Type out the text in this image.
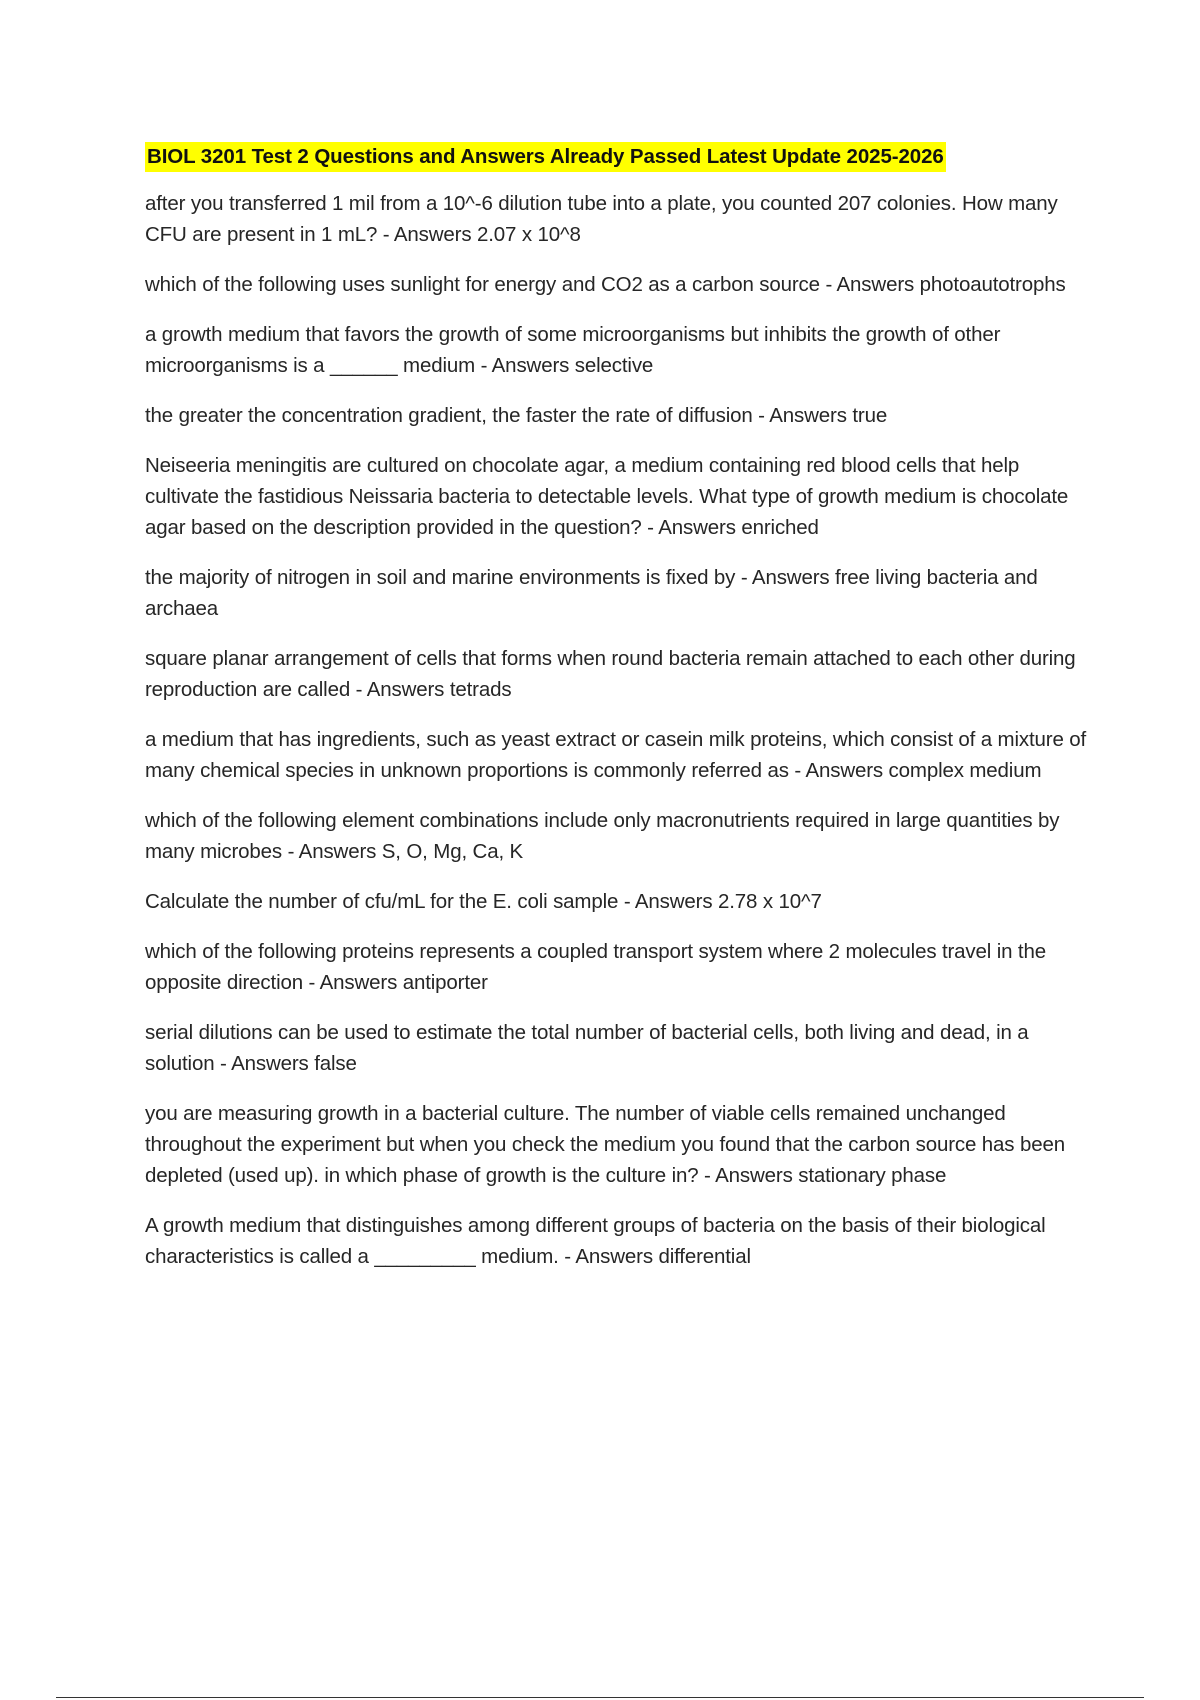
BIOL 3201 Test 2 Questions and Answers Already Passed Latest Update 2025-2026
after you transferred 1 mil from a 10^-6 dilution tube into a plate, you counted 207 colonies. How many CFU are present in 1 mL? - Answers 2.07 x 10^8
which of the following uses sunlight for energy and CO2 as a carbon source - Answers photoautotrophs
a growth medium that favors the growth of some microorganisms but inhibits the growth of other microorganisms is a ______ medium - Answers selective
the greater the concentration gradient, the faster the rate of diffusion - Answers true
Neiseeria meningitis are cultured on chocolate agar, a medium containing red blood cells that help cultivate the fastidious Neissaria bacteria to detectable levels. What type of growth medium is chocolate agar based on the description provided in the question? - Answers enriched
the majority of nitrogen in soil and marine environments is fixed by - Answers free living bacteria and archaea
square planar arrangement of cells that forms when round bacteria remain attached to each other during reproduction are called - Answers tetrads
a medium that has ingredients, such as yeast extract or casein milk proteins, which consist of a mixture of many chemical species in unknown proportions is commonly referred as - Answers complex medium
which of the following element combinations include only macronutrients required in large quantities by many microbes - Answers S, O, Mg, Ca, K
Calculate the number of cfu/mL for the E. coli sample - Answers 2.78 x 10^7
which of the following proteins represents a coupled transport system where 2 molecules travel in the opposite direction - Answers antiporter
serial dilutions can be used to estimate the total number of bacterial cells, both living and dead, in a solution - Answers false
you are measuring growth in a bacterial culture. The number of viable cells remained unchanged throughout the experiment but when you check the medium you found that the carbon source has been depleted (used up). in which phase of growth is the culture in? - Answers stationary phase
A growth medium that distinguishes among different groups of bacteria on the basis of their biological characteristics is called a _________ medium. - Answers differential
